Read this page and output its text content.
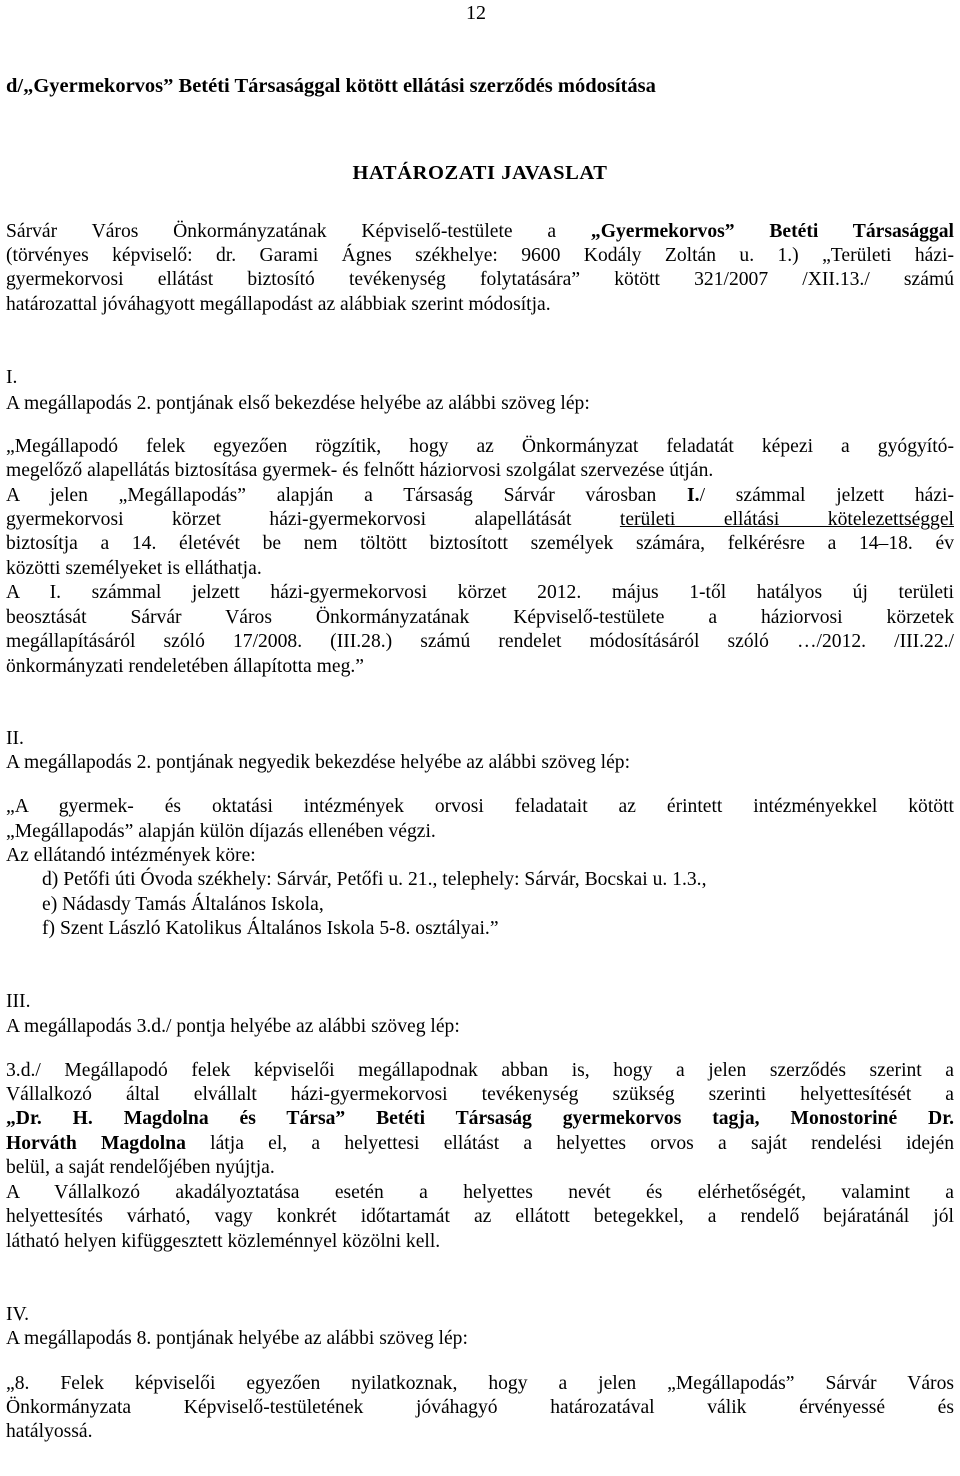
12
d/„Gyermekorvos” Betéti Társasággal kötött ellátási szerződés módosítása
HATÁROZATI JAVASLAT
Sárvár Város Önkormányzatának Képviselő-testülete a „Gyermekorvos” Betéti Társasággal
(törvényes képviselő: dr. Garami Ágnes székhelye: 9600 Kodály Zoltán u. 1.) „Területi házi-
gyermekorvosi ellátást biztosító tevékenység folytatására” kötött 321/2007 /XII.13./ számú
határozattal jóváhagyott megállapodást az alábbiak szerint módosítja.
I.
A megállapodás 2. pontjának első bekezdése helyébe az alábbi szöveg lép:
„Megállapodó felek egyezően rögzítik, hogy az Önkormányzat feladatát képezi a gyógyító-
megelőző alapellátás biztosítása gyermek- és felnőtt háziorvosi szolgálat szervezése útján.
A jelen „Megállapodás” alapján a Társaság Sárvár városban I./ számmal jelzett házi-
gyermekorvosi körzet házi-gyermekorvosi alapellátását területi ellátási kötelezettséggel
biztosítja a 14. életévét be nem töltött biztosított személyek számára, felkérésre a 14–18. év
közötti személyeket is elláthatja.
A I. számmal jelzett házi-gyermekorvosi körzet 2012. május 1-től hatályos új területi
beosztását Sárvár Város Önkormányzatának Képviselő-testülete a háziorvosi körzetek
megállapításáról szóló 17/2008. (III.28.) számú rendelet módosításáról szóló …/2012. /III.22./
önkormányzati rendeletében állapította meg.”
II.
A megállapodás 2. pontjának negyedik bekezdése helyébe az alábbi szöveg lép:
„A gyermek- és oktatási intézmények orvosi feladatait az érintett intézményekkel kötött
„Megállapodás” alapján külön díjazás ellenében végzi.
Az ellátandó intézmények köre:
d) Petőfi úti Óvoda székhely: Sárvár, Petőfi u. 21., telephely: Sárvár, Bocskai u. 1.3.,
e) Nádasdy Tamás Általános Iskola,
f) Szent László Katolikus Általános Iskola 5-8. osztályai.”
III.
A megállapodás 3.d./ pontja helyébe az alábbi szöveg lép:
3.d./ Megállapodó felek képviselői megállapodnak abban is, hogy a jelen szerződés szerint a
Vállalkozó által elvállalt házi-gyermekorvosi tevékenység szükség szerinti helyettesítését a
„Dr. H. Magdolna és Társa” Betéti Társaság gyermekorvos tagja, Monostoriné Dr.
Horváth Magdolna látja el, a helyettesi ellátást a helyettes orvos a saját rendelési idején
belül, a saját rendelőjében nyújtja.
A Vállalkozó akadályoztatása esetén a helyettes nevét és elérhetőségét, valamint a
helyettesítés várható, vagy konkrét időtartamát az ellátott betegekkel, a rendelő bejáratánál jól
látható helyen kifüggesztett közleménnyel közölni kell.
IV.
A megállapodás 8. pontjának helyébe az alábbi szöveg lép:
„8. Felek képviselői egyezően nyilatkoznak, hogy a jelen „Megállapodás” Sárvár Város
Önkormányzata Képviselő-testületének jóváhagyó határozatával válik érvényessé és
hatályossá.
